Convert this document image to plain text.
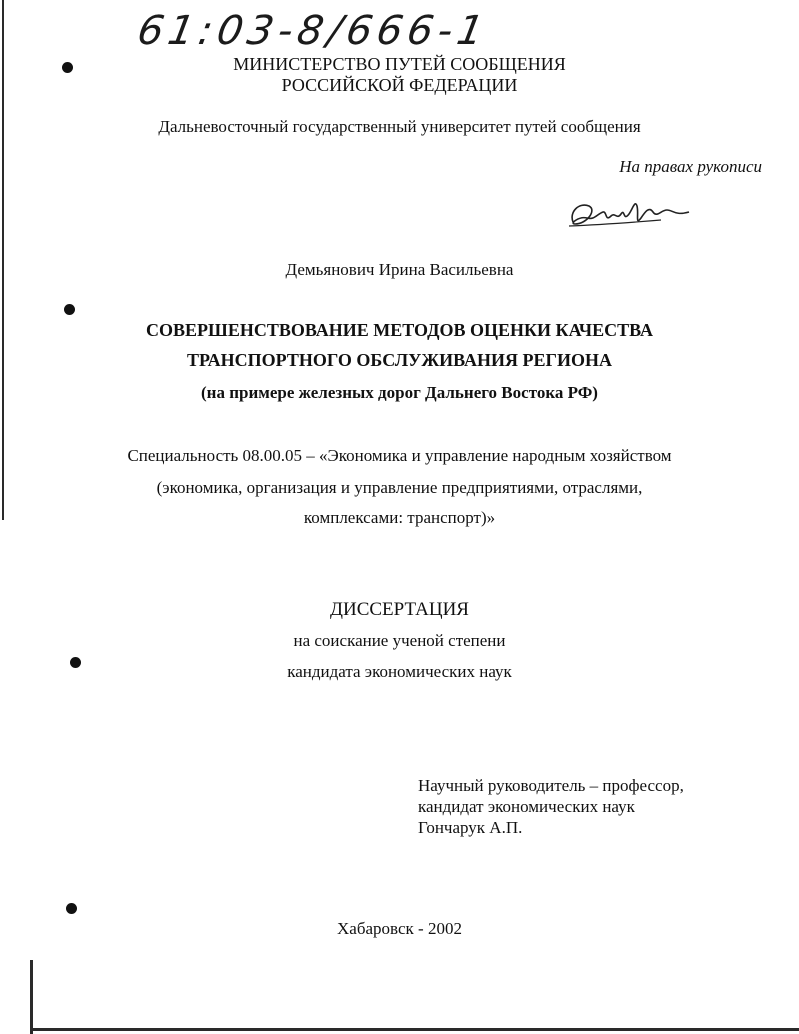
61:03-8/666-1
МИНИСТЕРСТВО ПУТЕЙ СООБЩЕНИЯ
РОССИЙСКОЙ ФЕДЕРАЦИИ
Дальневосточный государственный университет путей сообщения
На правах рукописи
Демьянович Ирина Васильевна
СОВЕРШЕНСТВОВАНИЕ МЕТОДОВ ОЦЕНКИ КАЧЕСТВА
ТРАНСПОРТНОГО ОБСЛУЖИВАНИЯ РЕГИОНА
(на примере железных дорог Дальнего Востока РФ)
Специальность 08.00.05 – «Экономика и управление народным хозяйством
(экономика, организация и управление предприятиями, отраслями,
комплексами: транспорт)»
ДИССЕРТАЦИЯ
на соискание ученой степени
кандидата экономических наук
Научный руководитель – профессор,
кандидат экономических наук
Гончарук А.П.
Хабаровск - 2002
